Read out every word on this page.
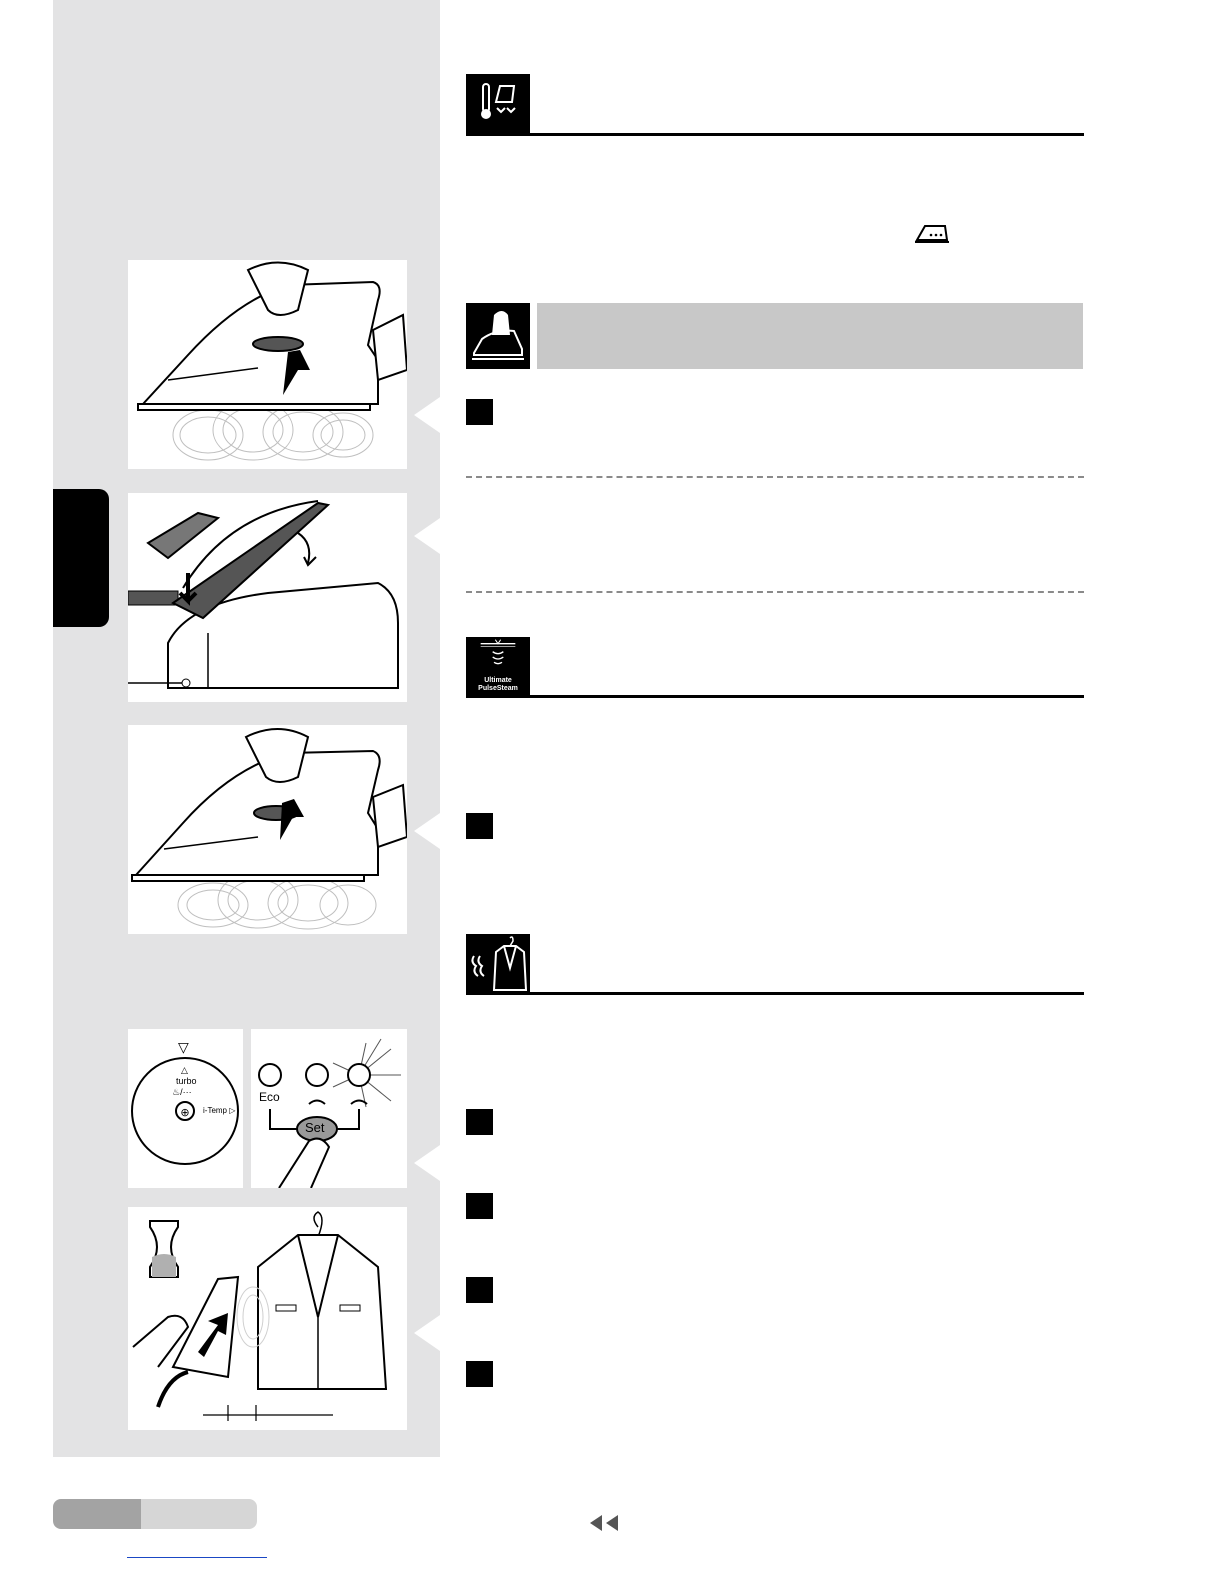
⊕
▽
△
turbo
♨/···
i-Temp ▷
Eco
Set
Ultimate
PulseSteam
